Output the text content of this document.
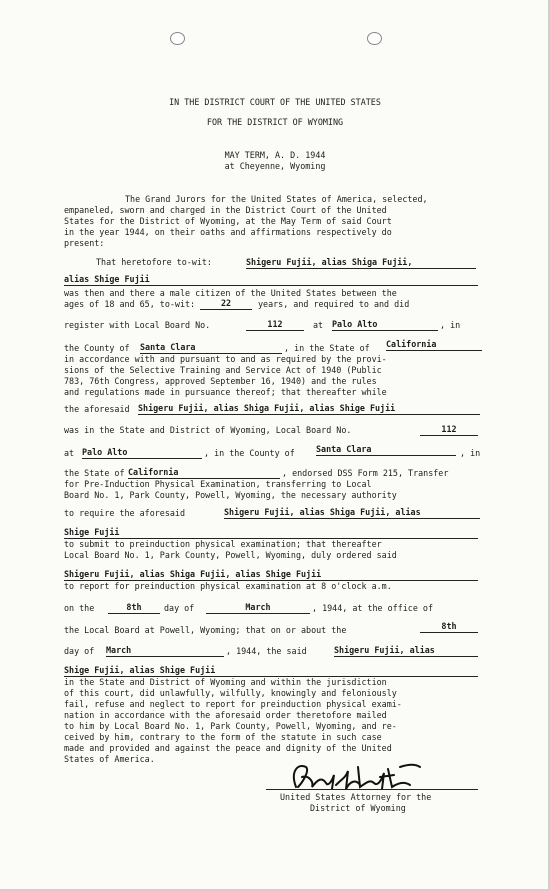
IN THE DISTRICT COURT OF THE UNITED STATES
FOR THE DISTRICT OF WYOMING
MAY TERM, A. D. 1944
at Cheyenne, Wyoming
The Grand Jurors for the United States of America, selected,
empaneled, sworn and charged in the District Court of the United
States for the District of Wyoming, at the May Term of said Court
in the year 1944, on their oaths and affirmations respectively do
present:
That heretofore to-wit:	Shigeru Fujii, alias Shiga Fujii,
alias Shige Fujii
was then and there a male citizen of the United States between the
ages of 18 and 65, to-wit:	22	years, and required to and did
register with Local Board No.	112	at Palo Alto	, in
the County of Santa Clara	, in the State of California
in accordance with and pursuant to and as required by the provi-
sions of the Selective Training and Service Act of 1940 (Public
783, 76th Congress, approved September 16, 1940) and the rules
and regulations made in pursuance thereof; that thereafter while
the aforesaid Shigeru Fujii, alias Shiga Fujii, alias Shige Fujii
was in the State and District of Wyoming, Local Board No.	112
at Palo Alto	, in the County of	Santa Clara	, in
the State of California	, endorsed DSS Form 215, Transfer
for Pre-Induction Physical Examination, transferring to Local
Board No. 1, Park County, Powell, Wyoming, the necessary authority
to require the aforesaid	Shigeru Fujii, alias Shiga Fujii, alias
Shige Fujii
to submit to preinduction physical examination; that thereafter
Local Board No. 1, Park County, Powell, Wyoming, duly ordered said
Shigeru Fujii, alias Shiga Fujii, alias Shige Fujii
to report for preinduction physical examination at 8 o'clock a.m.
on the	8th	day of	March	, 1944, at the office of
the Local Board at Powell, Wyoming; that on or about the	8th
day of March	, 1944, the said	Shigeru Fujii, alias
Shige Fujii, alias Shige Fujii
in the State and District of Wyoming and within the jurisdiction
of this court, did unlawfully, wilfully, knowingly and feloniously
fail, refuse and neglect to report for preinduction physical exami-
nation in accordance with the aforesaid order theretofore mailed
to him by Local Board No. 1, Park County, Powell, Wyoming, and re-
ceived by him, contrary to the form of the statute in such case
made and provided and against the peace and dignity of the United
States of America.
United States Attorney for the
District of Wyoming
